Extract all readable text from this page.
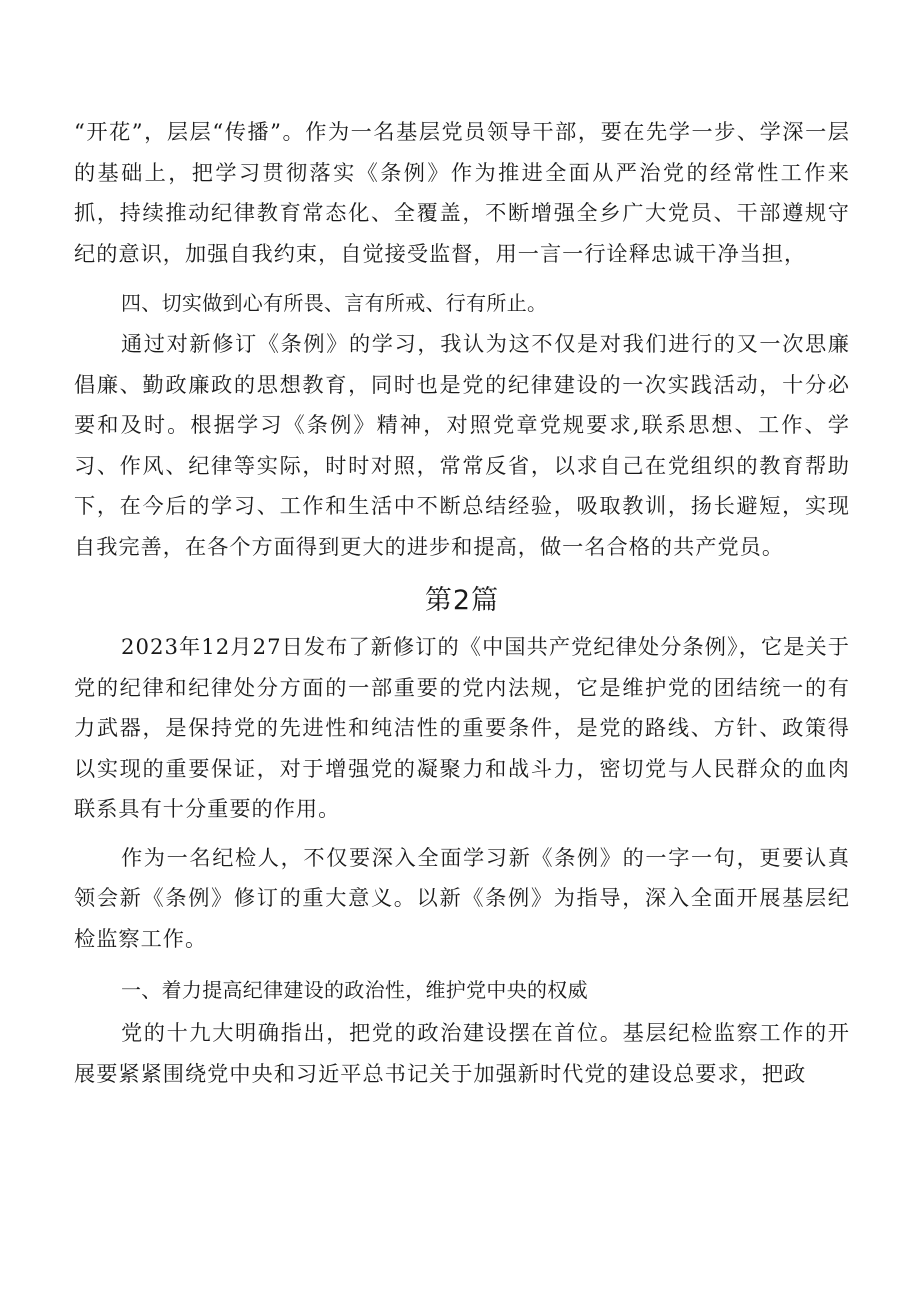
“开花”，层层“传播”。作为一名基层党员领导干部，要在先学一步、学深一层的基础上，把学习贯彻落实《条例》作为推进全面从严治党的经常性工作来抓，持续推动纪律教育常态化、全覆盖，不断增强全乡广大党员、干部遵规守纪的意识，加强自我约束，自觉接受监督，用一言一行诠释忠诚干净当担，

四、切实做到心有所畏、言有所戒、行有所止。

通过对新修订《条例》的学习，我认为这不仅是对我们进行的又一次思廉倡廉、勤政廉政的思想教育，同时也是党的纪律建设的一次实践活动，十分必要和及时。根据学习《条例》精神，对照党章党规要求,联系思想、工作、学习、作风、纪律等实际，时时对照，常常反省，以求自己在党组织的教育帮助下，在今后的学习、工作和生活中不断总结经验，吸取教训，扬长避短，实现自我完善，在各个方面得到更大的进步和提高，做一名合格的共产党员。

第2篇

2023年12月27日发布了新修订的《中国共产党纪律处分条例》，它是关于党的纪律和纪律处分方面的一部重要的党内法规，它是维护党的团结统一的有力武器，是保持党的先进性和纯洁性的重要条件，是党的路线、方针、政策得以实现的重要保证，对于增强党的凝聚力和战斗力，密切党与人民群众的血肉联系具有十分重要的作用。

作为一名纪检人，不仅要深入全面学习新《条例》的一字一句，更要认真领会新《条例》修订的重大意义。以新《条例》为指导，深入全面开展基层纪检监察工作。

一、着力提高纪律建设的政治性，维护党中央的权威

党的十九大明确指出，把党的政治建设摆在首位。基层纪检监察工作的开展要紧紧围绕党中央和习近平总书记关于加强新时代党的建设总要求，把政
